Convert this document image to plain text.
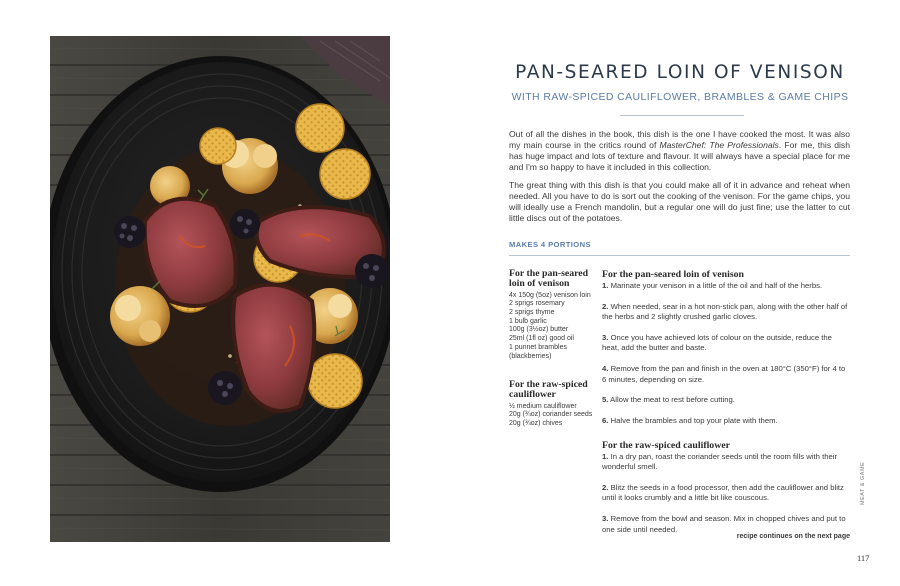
PAN-SEARED LOIN OF VENISON
WITH RAW-SPICED CAULIFLOWER, BRAMBLES & GAME CHIPS

Out of all the dishes in the book, this dish is the one I have cooked the most. It was also my main course in the critics round of MasterChef: The Professionals. For me, this dish has huge impact and lots of texture and flavour. It will always have a special place for me and I'm so happy to have it included in this collection.

The great thing with this dish is that you could make all of it in advance and reheat when needed. All you have to do is sort out the cooking of the venison. For the game chips, you will ideally use a French mandolin, but a regular one will do just fine; use the latter to cut little discs out of the potatoes.

MAKES 4 PORTIONS
For the pan-seared loin of venison
4x 150g (5oz) venison loin
2 sprigs rosemary
2 sprigs thyme
1 bulb garlic
100g (3½oz) butter
25ml (1fl oz) good oil
1 punnet brambles (blackberries)
For the raw-spiced cauliflower
½ medium cauliflower
20g (¾oz) coriander seeds
20g (¾oz) chives
For the pan-seared loin of venison
1. Marinate your venison in a little of the oil and half of the herbs.
2. When needed, sear in a hot non-stick pan, along with the other half of the herbs and 2 slightly crushed garlic cloves.
3. Once you have achieved lots of colour on the outside, reduce the heat, add the butter and baste.
4. Remove from the pan and finish in the oven at 180°C (350°F) for 4 to 6 minutes, depending on size.
5. Allow the meat to rest before cutting.
6. Halve the brambles and top your plate with them.
For the raw-spiced cauliflower
1. In a dry pan, roast the coriander seeds until the room fills with their wonderful smell.
2. Blitz the seeds in a food processor, then add the cauliflower and blitz until it looks crumbly and a little bit like couscous.
3. Remove from the bowl and season. Mix in chopped chives and put to one side until needed.
recipe continues on the next page
MEAT & GAME
117
